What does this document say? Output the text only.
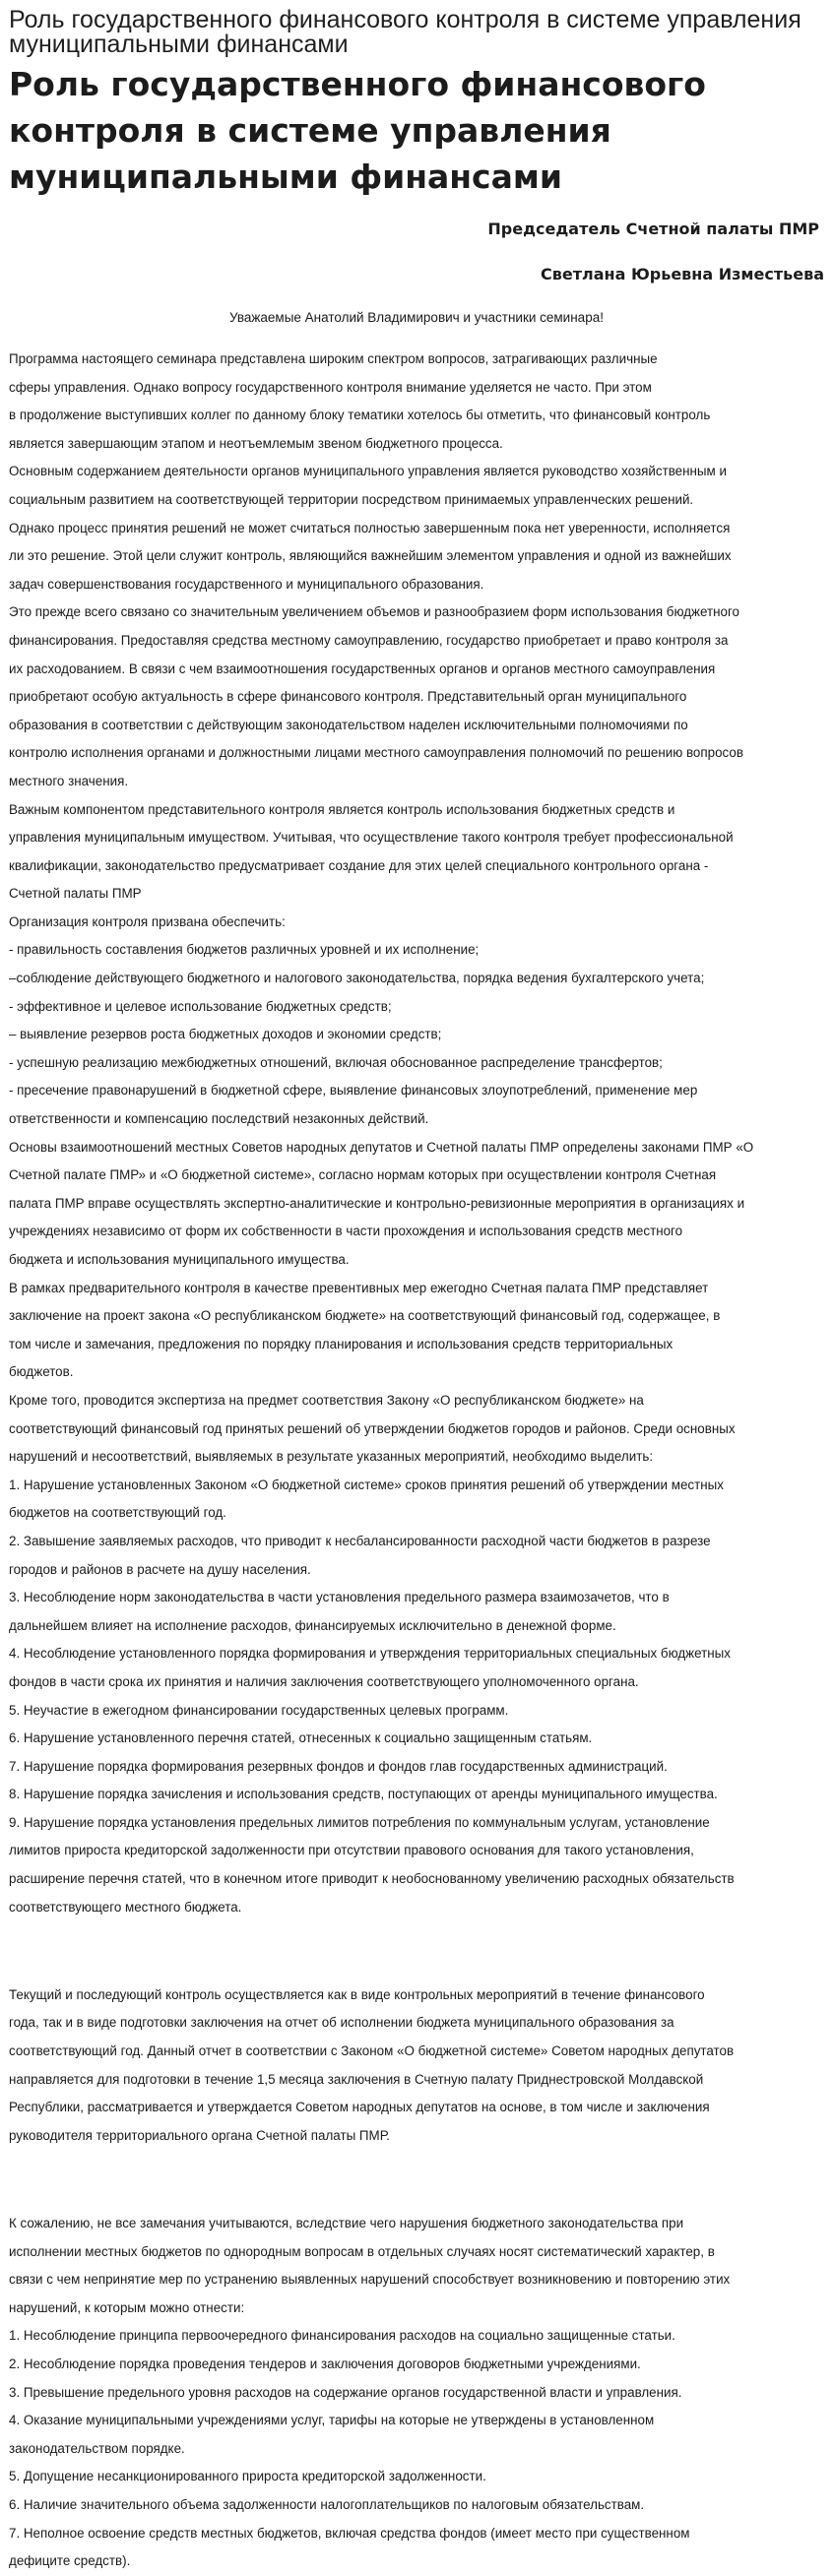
Роль государственного финансового контроля в системе управления муниципальными финансами
Роль государственного финансового контроля в системе управления муниципальными финансами

Председатель Счетной палаты ПМР

Светлана Юрьевна Изместьева

Уважаемые Анатолий Владимирович и участники семинара!

Программа настоящего семинара представлена широким спектром вопросов, затрагивающих различные
сферы управления. Однако вопросу государственного контроля внимание уделяется не часто. При этом
в продолжение выступивших коллег по данному блоку тематики хотелось бы отметить, что финансовый контроль
является завершающим этапом и неотъемлемым звеном бюджетного процесса.

Основным содержанием деятельности органов муниципального управления является руководство хозяйственным и
социальным развитием на соответствующей территории посредством принимаемых управленческих решений.

Однако процесс принятия решений не может считаться полностью завершенным пока нет уверенности, исполняется
ли это решение. Этой цели служит контроль, являющийся важнейшим элементом управления и одной из важнейших
задач совершенствования государственного и муниципального образования.

Это прежде всего связано со значительным увеличением объемов и разнообразием форм использования бюджетного
финансирования. Предоставляя средства местному самоуправлению, государство приобретает и право контроля за
их расходованием. В связи с чем взаимоотношения государственных органов и органов местного самоуправления
приобретают особую актуальность в сфере финансового контроля. Представительный орган муниципального
образования в соответствии с действующим законодательством наделен исключительными полномочиями по
контролю исполнения органами и должностными лицами местного самоуправления полномочий по решению вопросов
местного значения.

Важным компонентом представительного контроля является контроль использования бюджетных средств и
управления муниципальным имуществом. Учитывая, что осуществление такого контроля требует профессиональной
квалификации, законодательство предусматривает создание для этих целей специального контрольного органа -
Счетной палаты ПМР

Организация контроля призвана обеспечить:

- правильность составления бюджетов различных уровней и их исполнение;

–соблюдение действующего бюджетного и налогового законодательства, порядка ведения бухгалтерского учета;

- эффективное и целевое использование бюджетных средств;

– выявление резервов роста бюджетных доходов и экономии средств;

- успешную реализацию межбюджетных отношений, включая обоснованное распределение трансфертов;

- пресечение правонарушений в бюджетной сфере, выявление финансовых злоупотреблений, применение мер
ответственности и компенсацию последствий незаконных действий.

Основы взаимоотношений местных Советов народных депутатов и Счетной палаты ПМР определены законами ПМР «О
Счетной палате ПМР» и «О бюджетной системе», согласно нормам которых при осуществлении контроля Счетная
палата ПМР вправе осуществлять экспертно-аналитические и контрольно-ревизионные мероприятия в организациях и
учреждениях независимо от форм их собственности в части прохождения и использования средств местного
бюджета и использования муниципального имущества.

В рамках предварительного контроля в качестве превентивных мер ежегодно Счетная палата ПМР представляет
заключение на проект закона «О республиканском бюджете» на соответствующий финансовый год, содержащее, в
том числе и замечания, предложения по порядку планирования и использования средств территориальных
бюджетов.

Кроме того, проводится экспертиза на предмет соответствия Закону «О республиканском бюджете» на
соответствующий финансовый год принятых решений об утверждении бюджетов городов и районов. Среди основных
нарушений и несоответствий, выявляемых в результате указанных мероприятий, необходимо выделить:

1. Нарушение установленных Законом «О бюджетной системе» сроков принятия решений об утверждении местных
бюджетов на соответствующий год.

2. Завышение заявляемых расходов, что приводит к несбалансированности расходной части бюджетов в разрезе
городов и районов в расчете на душу населения.

3. Несоблюдение норм законодательства в части установления предельного размера взаимозачетов, что в
дальнейшем влияет на исполнение расходов, финансируемых исключительно в денежной форме.

4. Несоблюдение установленного порядка формирования и утверждения территориальных специальных бюджетных
фондов в части срока их принятия и наличия заключения соответствующего уполномоченного органа.

5. Неучастие в ежегодном финансировании государственных целевых программ.

6. Нарушение установленного перечня статей, отнесенных к социально защищенным статьям.

7. Нарушение порядка формирования резервных фондов и фондов глав государственных администраций.

8. Нарушение порядка зачисления и использования средств, поступающих от аренды муниципального имущества.

9. Нарушение порядка установления предельных лимитов потребления по коммунальным услугам, установление
лимитов прироста кредиторской задолженности при отсутствии правового основания для такого установления,
расширение перечня статей, что в конечном итоге приводит к необоснованному увеличению расходных обязательств
соответствующего местного бюджета.

Текущий и последующий контроль осуществляется как в виде контрольных мероприятий в течение финансового
года, так и в виде подготовки заключения на отчет об исполнении бюджета муниципального образования за
соответствующий год. Данный отчет в соответствии с Законом «О бюджетной системе» Советом народных депутатов
направляется для подготовки в течение 1,5 месяца заключения в Счетную палату Приднестровской Молдавской
Республики, рассматривается и утверждается Советом народных депутатов на основе, в том числе и заключения
руководителя территориального органа Счетной палаты ПМР.

К сожалению, не все замечания учитываются, вследствие чего нарушения бюджетного законодательства при
исполнении местных бюджетов по однородным вопросам в отдельных случаях носят систематический характер, в
связи с чем непринятие мер по устранению выявленных нарушений способствует возникновению и повторению этих
нарушений, к которым можно отнести:

1. Несоблюдение принципа первоочередного финансирования расходов на социально защищенные статьи.

2. Несоблюдение порядка проведения тендеров и заключения договоров бюджетными учреждениями.

3. Превышение предельного уровня расходов на содержание органов государственной власти и управления.

4. Оказание муниципальными учреждениями услуг, тарифы на которые не утверждены в установленном
законодательством порядке.

5. Допущение несанкционированного прироста кредиторской задолженности.

6. Наличие значительного объема задолженности налогоплательщиков по налоговым обязательствам.

7. Неполное освоение средств местных бюджетов, включая средства фондов (имеет место при существенном
дефиците средств).
